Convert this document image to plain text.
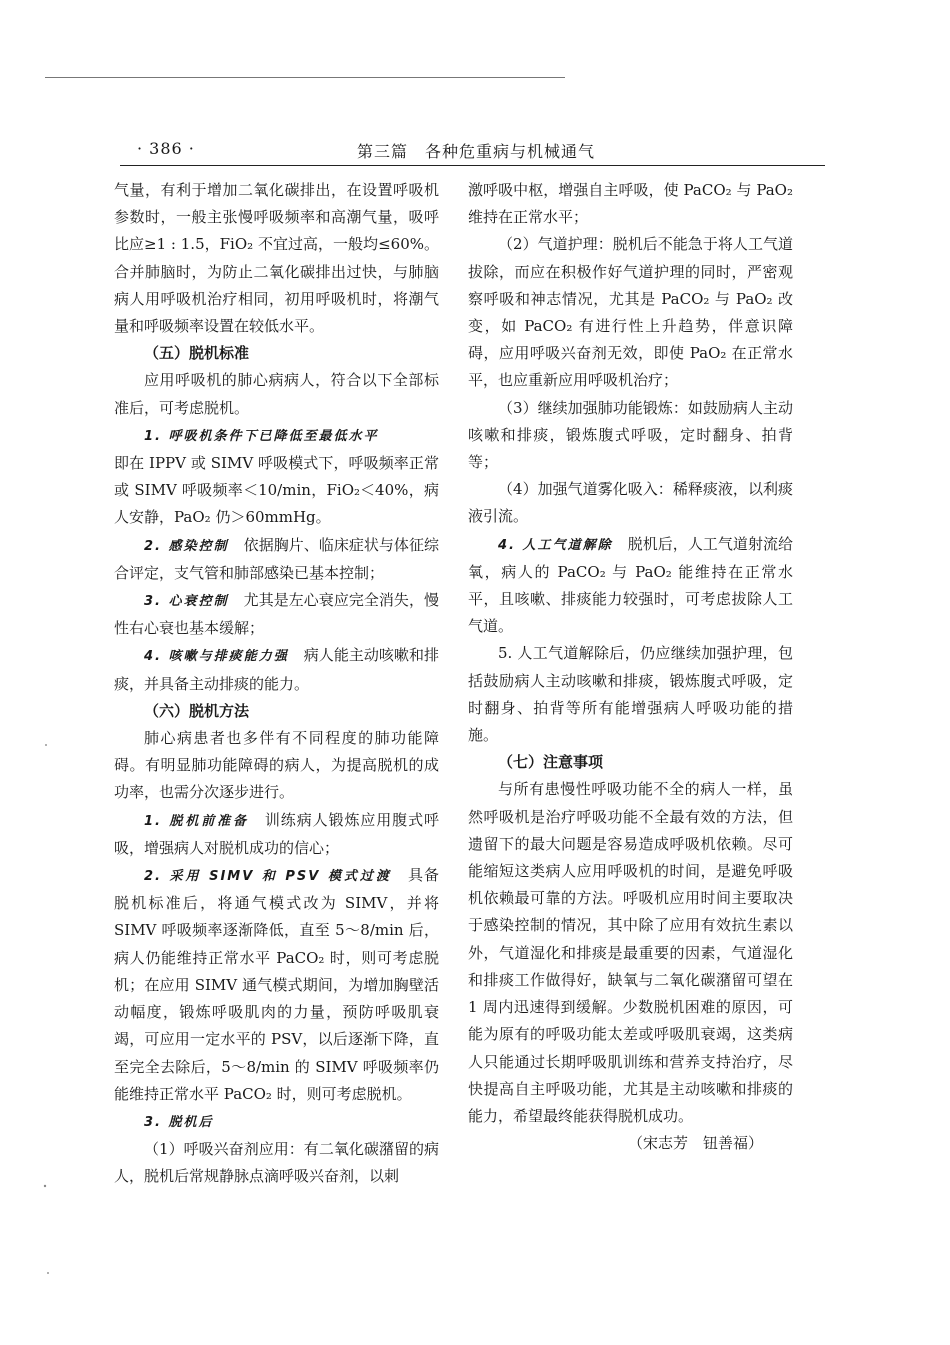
· 386 ·	第三篇　各种危重病与机械通气

气量，有利于增加二氧化碳排出，在设置呼吸机参数时，一般主张慢呼吸频率和高潮气量，吸呼比应≥1 : 1.5，FiO₂ 不宜过高，一般均≤60%。合并肺脑时，为防止二氧化碳排出过快，与肺脑病人用呼吸机治疗相同，初用呼吸机时，将潮气量和呼吸频率设置在较低水平。

（五）脱机标准

应用呼吸机的肺心病病人，符合以下全部标准后，可考虑脱机。

1. 呼吸机条件下已降低至最低水平

即在 IPPV 或 SIMV 呼吸模式下，呼吸频率正常或 SIMV 呼吸频率＜10/min，FiO₂＜40%，病人安静，PaO₂ 仍＞60mmHg。

2. 感染控制　依据胸片、临床症状与体征综合评定，支气管和肺部感染已基本控制；

3. 心衰控制　尤其是左心衰应完全消失，慢性右心衰也基本缓解；

4. 咳嗽与排痰能力强　病人能主动咳嗽和排痰，并具备主动排痰的能力。

（六）脱机方法

肺心病患者也多伴有不同程度的肺功能障碍。有明显肺功能障碍的病人，为提高脱机的成功率，也需分次逐步进行。

1. 脱机前准备　训练病人锻炼应用腹式呼吸，增强病人对脱机成功的信心；

2. 采用 SIMV 和 PSV 模式过渡　具备脱机标准后，将通气模式改为 SIMV，并将 SIMV 呼吸频率逐渐降低，直至 5～8/min 后，病人仍能维持正常水平 PaCO₂ 时，则可考虑脱机；在应用 SIMV 通气模式期间，为增加胸壁活动幅度，锻炼呼吸肌肉的力量，预防呼吸肌衰竭，可应用一定水平的 PSV，以后逐渐下降，直至完全去除后，5～8/min 的 SIMV 呼吸频率仍能维持正常水平 PaCO₂ 时，则可考虑脱机。

3. 脱机后

（1）呼吸兴奋剂应用：有二氧化碳潴留的病人，脱机后常规静脉点滴呼吸兴奋剂，以刺

激呼吸中枢，增强自主呼吸，使 PaCO₂ 与 PaO₂ 维持在正常水平；

（2）气道护理：脱机后不能急于将人工气道拔除，而应在积极作好气道护理的同时，严密观察呼吸和神志情况，尤其是 PaCO₂ 与 PaO₂ 改变，如 PaCO₂ 有进行性上升趋势，伴意识障碍，应用呼吸兴奋剂无效，即使 PaO₂ 在正常水平，也应重新应用呼吸机治疗；

（3）继续加强肺功能锻炼：如鼓励病人主动咳嗽和排痰，锻炼腹式呼吸，定时翻身、拍背等；

（4）加强气道雾化吸入：稀释痰液，以利痰液引流。

4. 人工气道解除　脱机后，人工气道射流给氧，病人的 PaCO₂ 与 PaO₂ 能维持在正常水平，且咳嗽、排痰能力较强时，可考虑拔除人工气道。

5. 人工气道解除后，仍应继续加强护理，包括鼓励病人主动咳嗽和排痰，锻炼腹式呼吸，定时翻身、拍背等所有能增强病人呼吸功能的措施。

（七）注意事项

与所有患慢性呼吸功能不全的病人一样，虽然呼吸机是治疗呼吸功能不全最有效的方法，但遗留下的最大问题是容易造成呼吸机依赖。尽可能缩短这类病人应用呼吸机的时间，是避免呼吸机依赖最可靠的方法。呼吸机应用时间主要取决于感染控制的情况，其中除了应用有效抗生素以外，气道湿化和排痰是最重要的因素，气道湿化和排痰工作做得好，缺氧与二氧化碳潴留可望在 1 周内迅速得到缓解。少数脱机困难的原因，可能为原有的呼吸功能太差或呼吸肌衰竭，这类病人只能通过长期呼吸肌训练和营养支持治疗，尽快提高自主呼吸功能，尤其是主动咳嗽和排痰的能力，希望最终能获得脱机成功。

（宋志芳　钮善福）
